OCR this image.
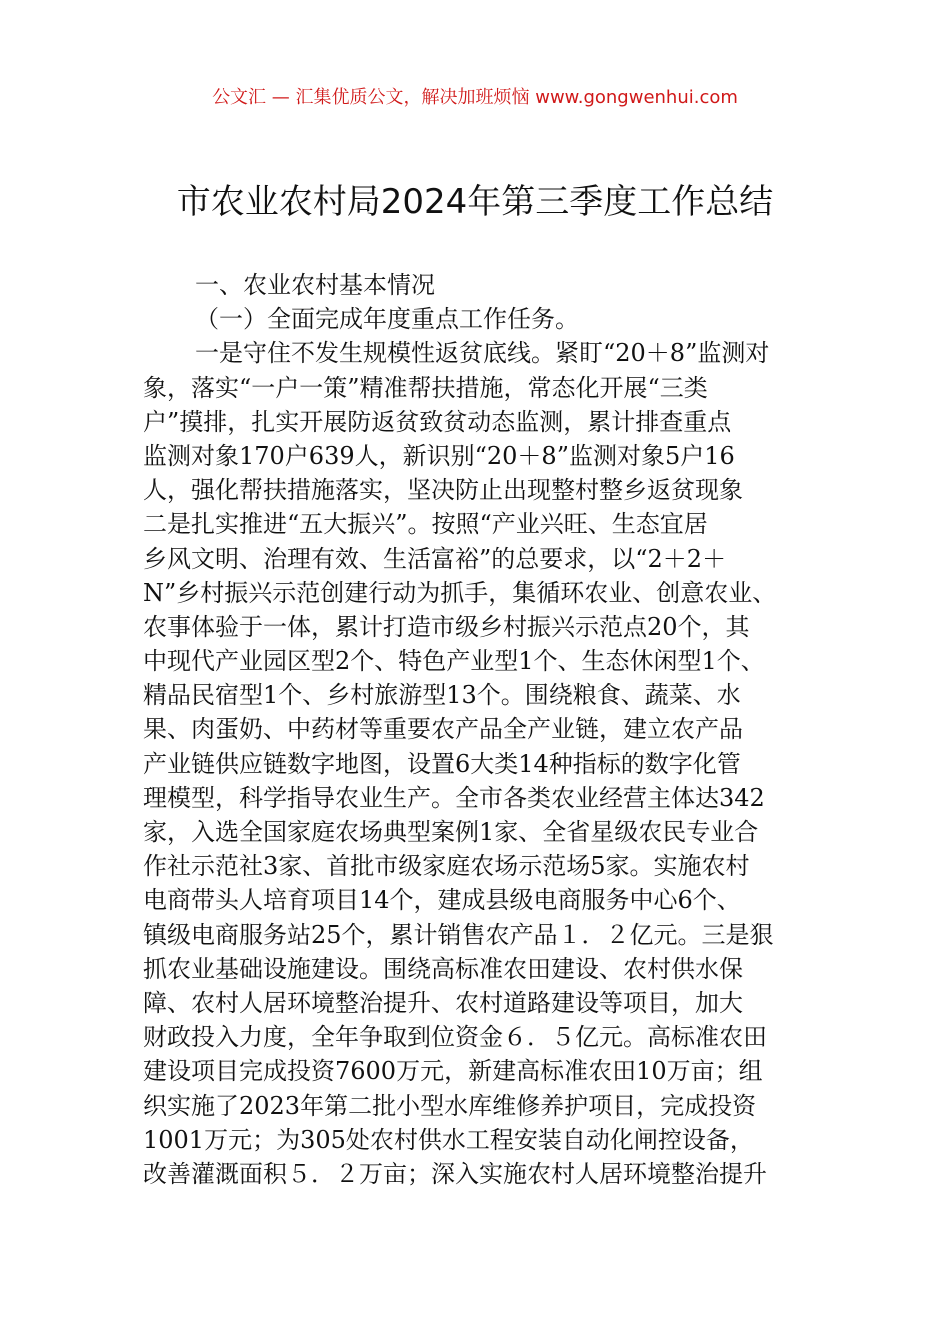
公文汇 — 汇集优质公文，解决加班烦恼 www.gongwenhui.com
市农业农村局2024年第三季度工作总结
一、农业农村基本情况
（一）全面完成年度重点工作任务。
一是守住不发生规模性返贫底线。紧盯“20＋8”监测对
象，落实“一户一策”精准帮扶措施，常态化开展“三类
户”摸排，扎实开展防返贫致贫动态监测，累计排查重点
监测对象170户639人，新识别“20＋8”监测对象5户16
人，强化帮扶措施落实，坚决防止出现整村整乡返贫现象
二是扎实推进“五大振兴”。按照“产业兴旺、生态宜居
乡风文明、治理有效、生活富裕”的总要求，以“2＋2＋
N”乡村振兴示范创建行动为抓手，集循环农业、创意农业、
农事体验于一体，累计打造市级乡村振兴示范点20个，其
中现代产业园区型2个、特色产业型1个、生态休闲型1个、
精品民宿型1个、乡村旅游型13个。围绕粮食、蔬菜、水
果、肉蛋奶、中药材等重要农产品全产业链，建立农产品
产业链供应链数字地图，设置6大类14种指标的数字化管
理模型，科学指导农业生产。全市各类农业经营主体达342
家，入选全国家庭农场典型案例1家、全省星级农民专业合
作社示范社3家、首批市级家庭农场示范场5家。实施农村
电商带头人培育项目14个，建成县级电商服务中心6个、
镇级电商服务站25个，累计销售农产品１．２亿元。三是狠
抓农业基础设施建设。围绕高标准农田建设、农村供水保
障、农村人居环境整治提升、农村道路建设等项目，加大
财政投入力度，全年争取到位资金６．５亿元。高标准农田
建设项目完成投资7600万元，新建高标准农田10万亩；组
织实施了2023年第二批小型水库维修养护项目，完成投资
1001万元；为305处农村供水工程安装自动化闸控设备，
改善灌溉面积５．２万亩；深入实施农村人居环境整治提升
